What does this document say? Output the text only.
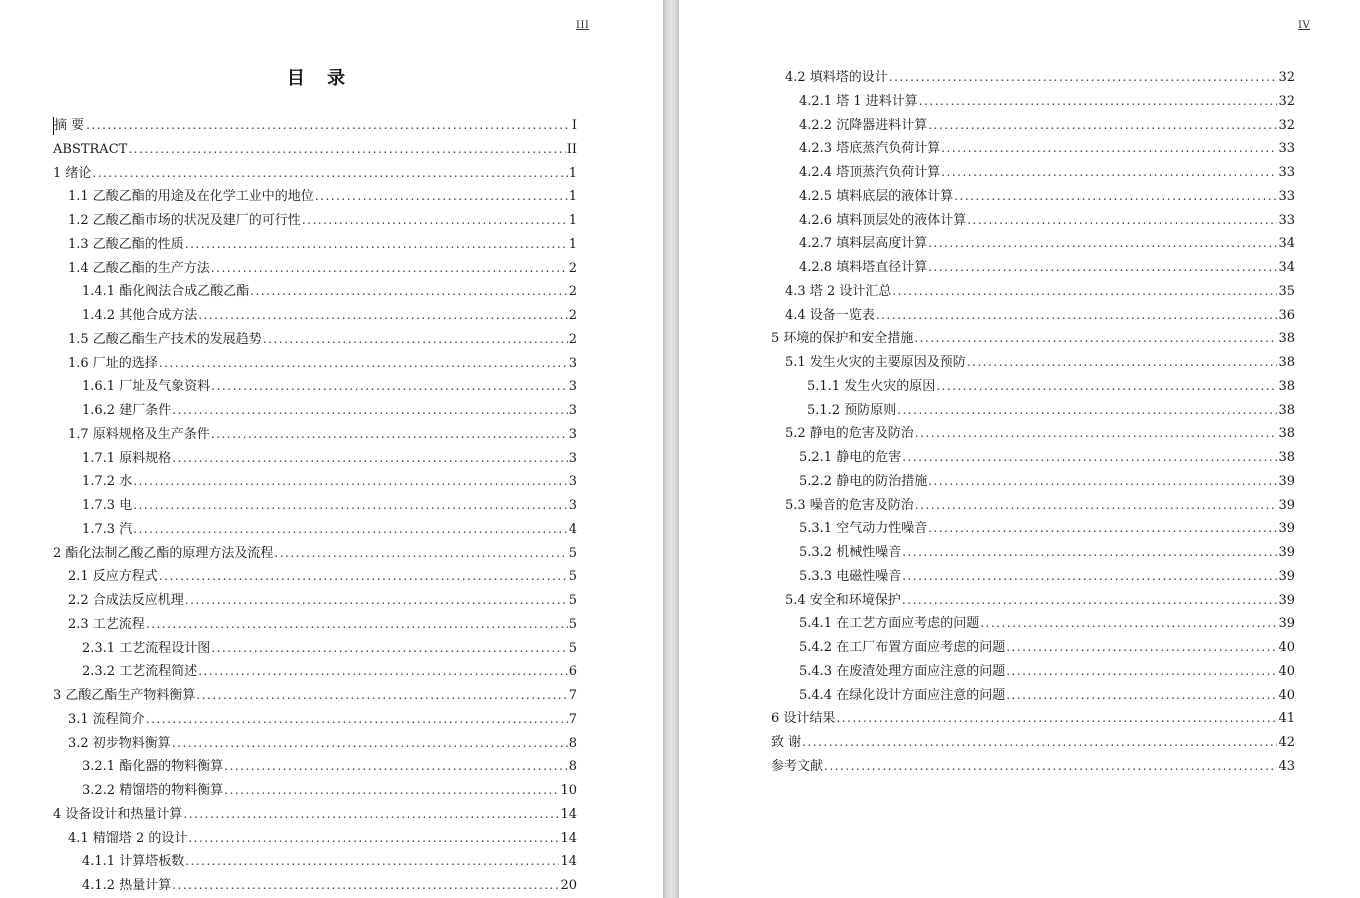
III
目 录
摘 要 .....	I
ABSTRACT .....	II
1 绪论 .....	1
1.1 乙酸乙酯的用途及在化学工业中的地位 .....	1
1.2 乙酸乙酯市场的状况及建厂的可行性 .....	1
1.3 乙酸乙酯的性质 .....	1
1.4 乙酸乙酯的生产方法 .....	2
1.4.1 酯化阀法合成乙酸乙酯 .....	2
1.4.2 其他合成方法 .....	2
1.5 乙酸乙酯生产技术的发展趋势 .....	2
1.6 厂址的选择 .....	3
1.6.1 厂址及气象资料 .....	3
1.6.2 建厂条件 .....	3
1.7 原料规格及生产条件 .....	3
1.7.1 原料规格 .....	3
1.7.2 水 .....	3
1.7.3 电 .....	3
1.7.3 汽 .....	4
2 酯化法制乙酸乙酯的原理方法及流程 .....	5
2.1 反应方程式 .....	5
2.2 合成法反应机理 .....	5
2.3 工艺流程 .....	5
2.3.1 工艺流程设计图 .....	5
2.3.2 工艺流程简述 .....	6
3 乙酸乙酯生产物料衡算 .....	7
3.1 流程简介 .....	7
3.2 初步物料衡算 .....	8
3.2.1 酯化器的物料衡算 .....	8
3.2.2 精馏塔的物料衡算 .....	10
4 设备设计和热量计算 .....	14
4.1 精馏塔 2 的设计 .....	14
4.1.1 计算塔板数 .....	14
4.1.2 热量计算 .....	20
IV
4.2 填料塔的设计 .....	32
4.2.1 塔 1 进料计算 .....	32
4.2.2 沉降器进料计算 .....	32
4.2.3 塔底蒸汽负荷计算 .....	33
4.2.4 塔顶蒸汽负荷计算 .....	33
4.2.5 填料底层的液体计算 .....	33
4.2.6 填料顶层处的液体计算 .....	33
4.2.7 填料层高度计算 .....	34
4.2.8 填料塔直径计算 .....	34
4.3 塔 2 设计汇总 .....	35
4.4 设备一览表 .....	36
5 环境的保护和安全措施 .....	38
5.1 发生火灾的主要原因及预防 .....	38
5.1.1 发生火灾的原因 .....	38
5.1.2 预防原则 .....	38
5.2 静电的危害及防治 .....	38
5.2.1 静电的危害 .....	38
5.2.2 静电的防治措施 .....	39
5.3 噪音的危害及防治 .....	39
5.3.1 空气动力性噪音 .....	39
5.3.2 机械性噪音 .....	39
5.3.3 电磁性噪音 .....	39
5.4 安全和环境保护 .....	39
5.4.1 在工艺方面应考虑的问题 .....	39
5.4.2 在工厂布置方面应考虑的问题 .....	40
5.4.3 在废渣处理方面应注意的问题 .....	40
5.4.4 在绿化设计方面应注意的问题 .....	40
6 设计结果 .....	41
致 谢 .....	42
参考文献 .....	43
